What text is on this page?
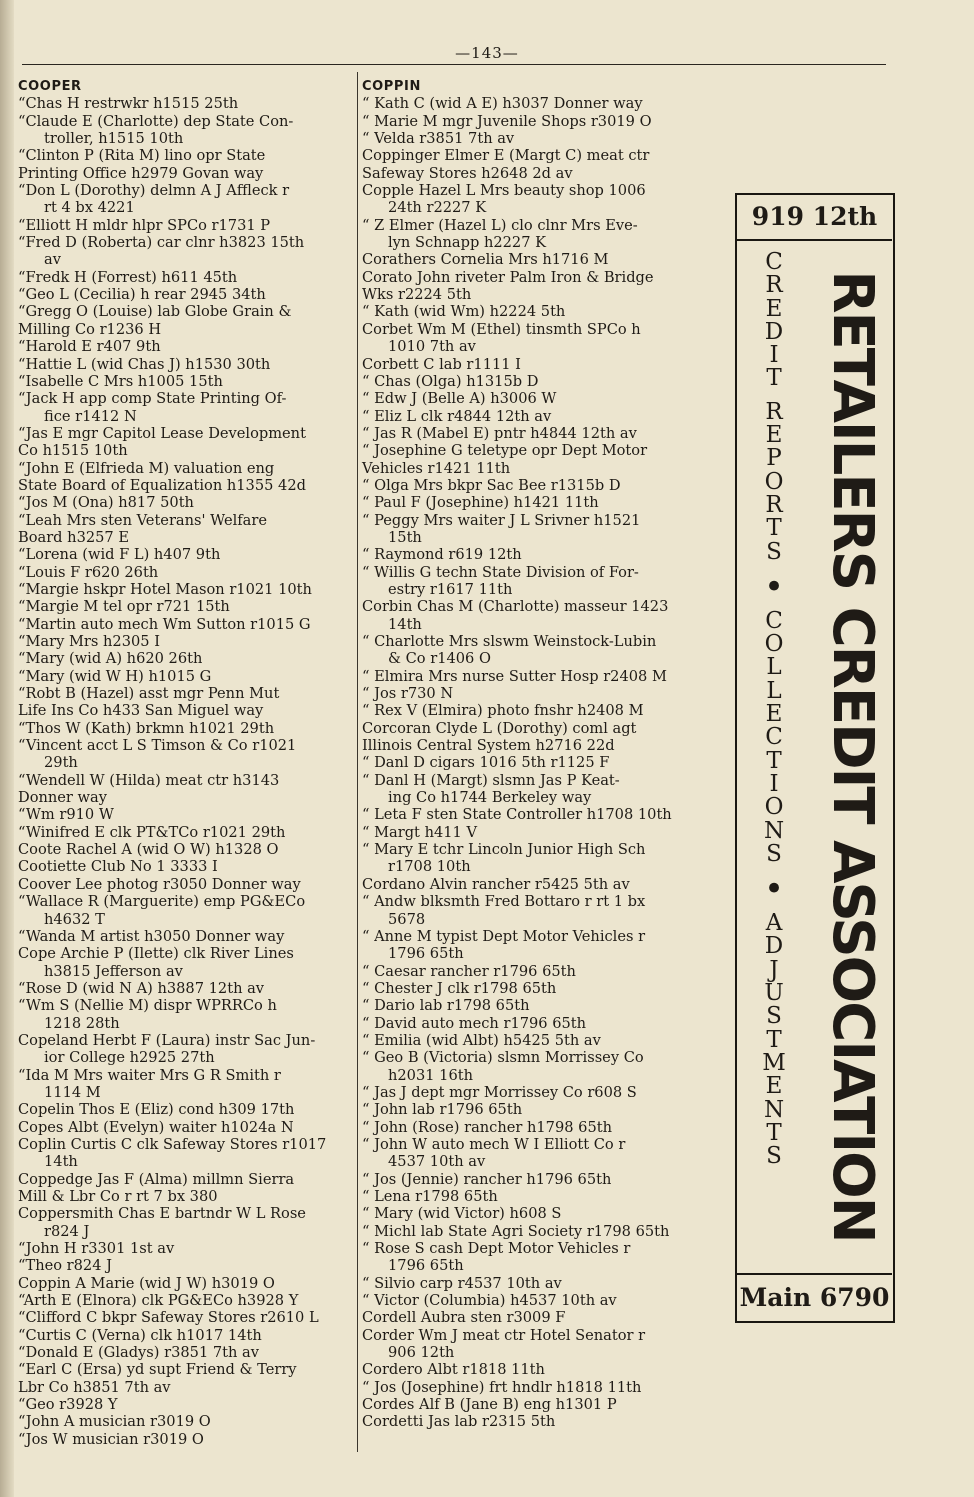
—143—
COOPER
“Chas H restrwkr h1515 25th
“Claude E (Charlotte) dep State Con-
troller, h1515 10th
“Clinton P (Rita M) lino opr State
Printing Office h2979 Govan way
“Don L (Dorothy) delmn A J Affleck r
rt 4 bx 4221
“Elliott H mldr hlpr SPCo r1731 P
“Fred D (Roberta) car clnr h3823 15th
av
“Fredk H (Forrest) h611 45th
“Geo L (Cecilia) h rear 2945 34th
“Gregg O (Louise) lab Globe Grain &
Milling Co r1236 H
“Harold E r407 9th
“Hattie L (wid Chas J) h1530 30th
“Isabelle C Mrs h1005 15th
“Jack H app comp State Printing Of-
fice r1412 N
“Jas E mgr Capitol Lease Development
Co h1515 10th
“John E (Elfrieda M) valuation eng
State Board of Equalization h1355 42d
“Jos M (Ona) h817 50th
“Leah Mrs sten Veterans' Welfare
Board h3257 E
“Lorena (wid F L) h407 9th
“Louis F r620 26th
“Margie hskpr Hotel Mason r1021 10th
“Margie M tel opr r721 15th
“Martin auto mech Wm Sutton r1015 G
“Mary Mrs h2305 I
“Mary (wid A) h620 26th
“Mary (wid W H) h1015 G
“Robt B (Hazel) asst mgr Penn Mut
Life Ins Co h433 San Miguel way
“Thos W (Kath) brkmn h1021 29th
“Vincent acct L S Timson & Co r1021
29th
“Wendell W (Hilda) meat ctr h3143
Donner way
“Wm r910 W
“Winifred E clk PT&TCo r1021 29th
Coote Rachel A (wid O W) h1328 O
Cootiette Club No 1 3333 I
Coover Lee photog r3050 Donner way
“Wallace R (Marguerite) emp PG&ECo
h4632 T
“Wanda M artist h3050 Donner way
Cope Archie P (Ilette) clk River Lines
h3815 Jefferson av
“Rose D (wid N A) h3887 12th av
“Wm S (Nellie M) dispr WPRRCo h
1218 28th
Copeland Herbt F (Laura) instr Sac Jun-
ior College h2925 27th
“Ida M Mrs waiter Mrs G R Smith r
1114 M
Copelin Thos E (Eliz) cond h309 17th
Copes Albt (Evelyn) waiter h1024a N
Coplin Curtis C clk Safeway Stores r1017
14th
Coppedge Jas F (Alma) millmn Sierra
Mill & Lbr Co r rt 7 bx 380
Coppersmith Chas E bartndr W L Rose
r824 J
“John H r3301 1st av
“Theo r824 J
Coppin A Marie (wid J W) h3019 O
“Arth E (Elnora) clk PG&ECo h3928 Y
“Clifford C bkpr Safeway Stores r2610 L
“Curtis C (Verna) clk h1017 14th
“Donald E (Gladys) r3851 7th av
“Earl C (Ersa) yd supt Friend & Terry
Lbr Co h3851 7th av
“Geo r3928 Y
“John A musician r3019 O
“Jos W musician r3019 O
COPPIN
“ Kath C (wid A E) h3037 Donner way
“ Marie M mgr Juvenile Shops r3019 O
“ Velda r3851 7th av
Coppinger Elmer E (Margt C) meat ctr
Safeway Stores h2648 2d av
Copple Hazel L Mrs beauty shop 1006
24th r2227 K
“ Z Elmer (Hazel L) clo clnr Mrs Eve-
lyn Schnapp h2227 K
Corathers Cornelia Mrs h1716 M
Corato John riveter Palm Iron & Bridge
Wks r2224 5th
“ Kath (wid Wm) h2224 5th
Corbet Wm M (Ethel) tinsmth SPCo h
1010 7th av
Corbett C lab r1111 I
“ Chas (Olga) h1315b D
“ Edw J (Belle A) h3006 W
“ Eliz L clk r4844 12th av
“ Jas R (Mabel E) pntr h4844 12th av
“ Josephine G teletype opr Dept Motor
Vehicles r1421 11th
“ Olga Mrs bkpr Sac Bee r1315b D
“ Paul F (Josephine) h1421 11th
“ Peggy Mrs waiter J L Srivner h1521
15th
“ Raymond r619 12th
“ Willis G techn State Division of For-
estry r1617 11th
Corbin Chas M (Charlotte) masseur 1423
14th
“ Charlotte Mrs slswm Weinstock-Lubin
& Co r1406 O
“ Elmira Mrs nurse Sutter Hosp r2408 M
“ Jos r730 N
“ Rex V (Elmira) photo fnshr h2408 M
Corcoran Clyde L (Dorothy) coml agt
Illinois Central System h2716 22d
“ Danl D cigars 1016 5th r1125 F
“ Danl H (Margt) slsmn Jas P Keat-
ing Co h1744 Berkeley way
“ Leta F sten State Controller h1708 10th
“ Margt h411 V
“ Mary E tchr Lincoln Junior High Sch
r1708 10th
Cordano Alvin rancher r5425 5th av
“ Andw blksmth Fred Bottaro r rt 1 bx
5678
“ Anne M typist Dept Motor Vehicles r
1796 65th
“ Caesar rancher r1796 65th
“ Chester J clk r1798 65th
“ Dario lab r1798 65th
“ David auto mech r1796 65th
“ Emilia (wid Albt) h5425 5th av
“ Geo B (Victoria) slsmn Morrissey Co
h2031 16th
“ Jas J dept mgr Morrissey Co r608 S
“ John lab r1796 65th
“ John (Rose) rancher h1798 65th
“ John W auto mech W I Elliott Co r
4537 10th av
“ Jos (Jennie) rancher h1796 65th
“ Lena r1798 65th
“ Mary (wid Victor) h608 S
“ Michl lab State Agri Society r1798 65th
“ Rose S cash Dept Motor Vehicles r
1796 65th
“ Silvio carp r4537 10th av
“ Victor (Columbia) h4537 10th av
Cordell Aubra sten r3009 F
Corder Wm J meat ctr Hotel Senator r
906 12th
Cordero Albt r1818 11th
“ Jos (Josephine) frt hndlr h1818 11th
Cordes Alf B (Jane B) eng h1301 P
Cordetti Jas lab r2315 5th
919 12th
CREDIT
REPORTS
•
COLLECTIONS
•
ADJUSTMENTS RETAILERS CREDIT ASSOCIATION
Main 6790
